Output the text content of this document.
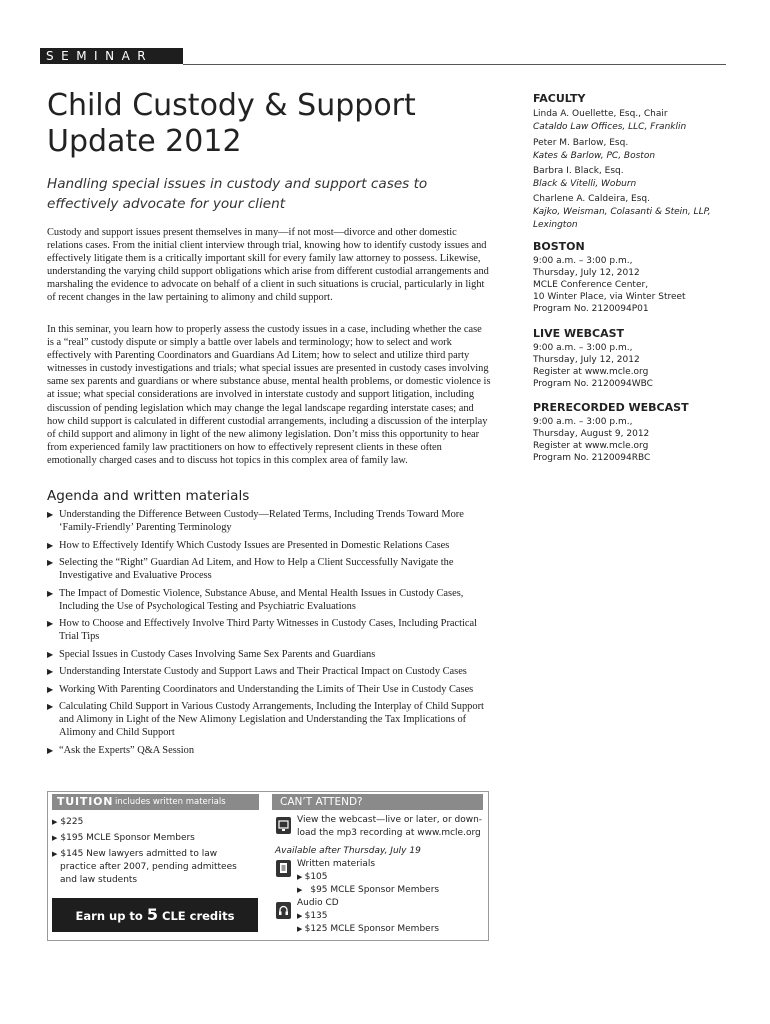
SEMINAR
Child Custody & Support Update 2012

Handling special issues in custody and support cases to effectively advocate for your client

Custody and support issues present themselves in many—if not most—divorce and other domestic relations cases. From the initial client interview through trial, knowing how to identify custody issues and effectively litigate them is a critically important skill for every family law attorney to possess. Likewise, understanding the varying child support obligations which arise from different custodial arrangements and marshaling the evidence to advocate on behalf of a client in such situations is crucial, particularly in light of recent changes in the law pertaining to alimony and child support.

In this seminar, you learn how to properly assess the custody issues in a case, including whether the case is a “real” custody dispute or simply a battle over labels and terminology; how to select and work effectively with Parenting Coordinators and Guardians Ad Litem; how to select and utilize third party witnesses in custody investigations and trials; what special issues are presented in custody cases involving same sex parents and guardians or where substance abuse, mental health problems, or domestic violence is at issue; what special considerations are involved in interstate custody and support litigation, including discussion of pending legislation which may change the legal landscape regarding interstate cases; and how child support is calculated in different custodial arrangements, including a discussion of the interplay of child support and alimony in light of the new alimony legislation. Don’t miss this opportunity to hear from experienced family law practitioners on how to effectively represent clients in these often emotionally charged cases and to discuss hot topics in this complex area of family law.

Agenda and written materials
▶ Understanding the Difference Between Custody—Related Terms, Including Trends Toward More ‘Family-Friendly’ Parenting Terminology
▶ How to Effectively Identify Which Custody Issues are Presented in Domestic Relations Cases
▶ Selecting the “Right” Guardian Ad Litem, and How to Help a Client Successfully Navigate the Investigative and Evaluative Process
▶ The Impact of Domestic Violence, Substance Abuse, and Mental Health Issues in Custody Cases, Including the Use of Psychological Testing and Psychiatric Evaluations
▶ How to Choose and Effectively Involve Third Party Witnesses in Custody Cases, Including Practical Trial Tips
▶ Special Issues in Custody Cases Involving Same Sex Parents and Guardians
▶ Understanding Interstate Custody and Support Laws and Their Practical Impact on Custody Cases
▶ Working With Parenting Coordinators and Understanding the Limits of Their Use in Custody Cases
▶ Calculating Child Support in Various Custody Arrangements, Including the Interplay of Child Support and Alimony in Light of the New Alimony Legislation and Understanding the Tax Implications of Alimony and Child Support
▶ “Ask the Experts” Q&A Session
FACULTY

Linda A. Ouellette, Esq., Chair

Cataldo Law Offices, LLC, Franklin

Peter M. Barlow, Esq.

Kates & Barlow, PC, Boston

Barbra I. Black, Esq.

Black & Vitelli, Woburn

Charlene A. Caldeira, Esq.

Kajko, Weisman, Colasanti & Stein, LLP,

Lexington

BOSTON

9:00 a.m. – 3:00 p.m.,

Thursday, July 12, 2012

MCLE Conference Center,

10 Winter Place, via Winter Street

Program No. 2120094P01

LIVE WEBCAST

9:00 a.m. – 3:00 p.m.,

Thursday, July 12, 2012

Register at www.mcle.org

Program No. 2120094WBC

PRERECORDED WEBCAST

9:00 a.m. – 3:00 p.m.,

Thursday, August 9, 2012

Register at www.mcle.org

Program No. 2120094RBC

TUITION includes written materials	CAN’T ATTEND?
▶ $225
▶ $195 MCLE Sponsor Members
▶ $145 New lawyers admitted to law
practice after 2007, pending admittees
and law students
Earn up to 5 CLE credits
View the webcast—live or later, or down-
load the mp3 recording at www.mcle.org
Available after Thursday, July 19
Written materials
▶ $105
▶   $95 MCLE Sponsor Members
Audio CD
▶ $135
▶ $125 MCLE Sponsor Members
